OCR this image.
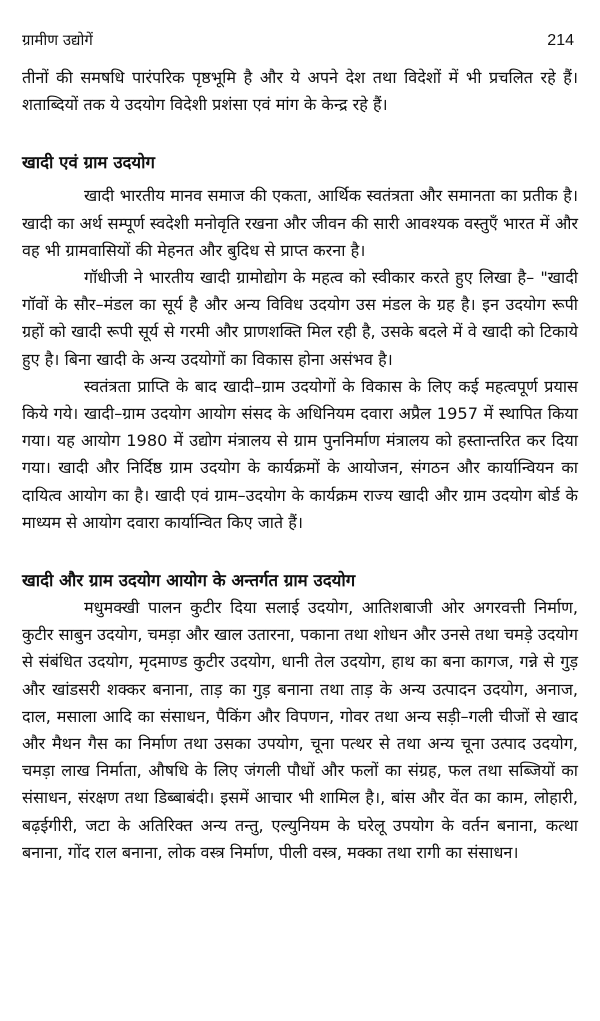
ग्रामीण उद्योगें	214

तीनों की समषधि पारंपरिक पृष्ठभूमि है और ये अपने देश तथा विदेशों में भी प्रचलित रहे हैं। शताब्दियों तक ये उदयोग विदेशी प्रशंसा एवं मांग के केन्द्र रहे हैं।

खादी एवं ग्राम उदयोग

खादी भारतीय मानव समाज की एकता, आर्थिक स्वतंत्रता और समानता का प्रतीक है। खादी का अर्थ सम्पूर्ण स्वदेशी मनोवृति रखना और जीवन की सारी आवश्यक वस्तुएँ भारत में और वह भी ग्रामवासियों की मेहनत और बुदिध से प्राप्त करना है।

गॉधीजी ने भारतीय खादी ग्रामोद्योग के महत्व को स्वीकार करते हुए लिखा है– "खादी गॉवों के सौर–मंडल का सूर्य है और अन्य विविध उदयोग उस मंडल के ग्रह है। इन उदयोग रूपी ग्रहों को खादी रूपी सूर्य से गरमी और प्राणशक्ति मिल रही है, उसके बदले में वे खादी को टिकाये हुए है। बिना खादी के अन्य उदयोगों का विकास होना असंभव है।

स्वतंत्रता प्राप्ति के बाद खादी–ग्राम उदयोगों के विकास के लिए कई महत्वपूर्ण प्रयास किये गये। खादी–ग्राम उदयोग आयोग संसद के अधिनियम दवारा अप्रैल 1957 में स्थापित किया गया। यह आयोग 1980 में उद्योग मंत्रालय से ग्राम पुननिर्माण मंत्रालय को हस्तान्तरित कर दिया गया। खादी और निर्दिष्ठ ग्राम उदयोग के कार्यक्रमों के आयोजन, संगठन और कार्यान्वियन का दायित्व आयोग का है। खादी एवं ग्राम–उदयोग के कार्यक्रम राज्य खादी और ग्राम उदयोग बोर्ड के माध्यम से आयोग दवारा कार्यान्वित किए जाते हैं।

खादी और ग्राम उदयोग आयोग के अन्तर्गत ग्राम उदयोग

मधुमक्खी पालन कुटीर दिया सलाई उदयोग, आतिशबाजी ओर अगरवत्ती निर्माण, कुटीर साबुन उदयोग, चमड़ा और खाल उतारना, पकाना तथा शोधन और उनसे तथा चमड़े उदयोग से संबंधित उदयोग, मृदमाण्ड कुटीर उदयोग, धानी तेल उदयोग, हाथ का बना कागज, गन्ने से गुड़ और खांडसरी शक्कर बनाना, ताड़ का गुड़ बनाना तथा ताड़ के अन्य उत्पादन उदयोग, अनाज, दाल, मसाला आदि का संसाधन, पैकिंग और विपणन, गोवर तथा अन्य सड़ी–गली चीजों से खाद और मैथन गैस का निर्माण तथा उसका उपयोग, चूना पत्थर से तथा अन्य चूना उत्पाद उदयोग, चमड़ा लाख निर्माता, औषधि के लिए जंगली पौधों और फलों का संग्रह, फल तथा सब्जियों का संसाधन, संरक्षण तथा डिब्बाबंदी। इसमें आचार भी शामिल है।, बांस और वेंत का काम, लोहारी, बढ़ईगीरी, जटा के अतिरिक्त अन्य तन्तु, एल्युनियम के घरेलू उपयोग के वर्तन बनाना, कत्था बनाना, गोंद राल बनाना, लोक वस्त्र निर्माण, पीली वस्त्र, मक्का तथा रागी का संसाधन।
